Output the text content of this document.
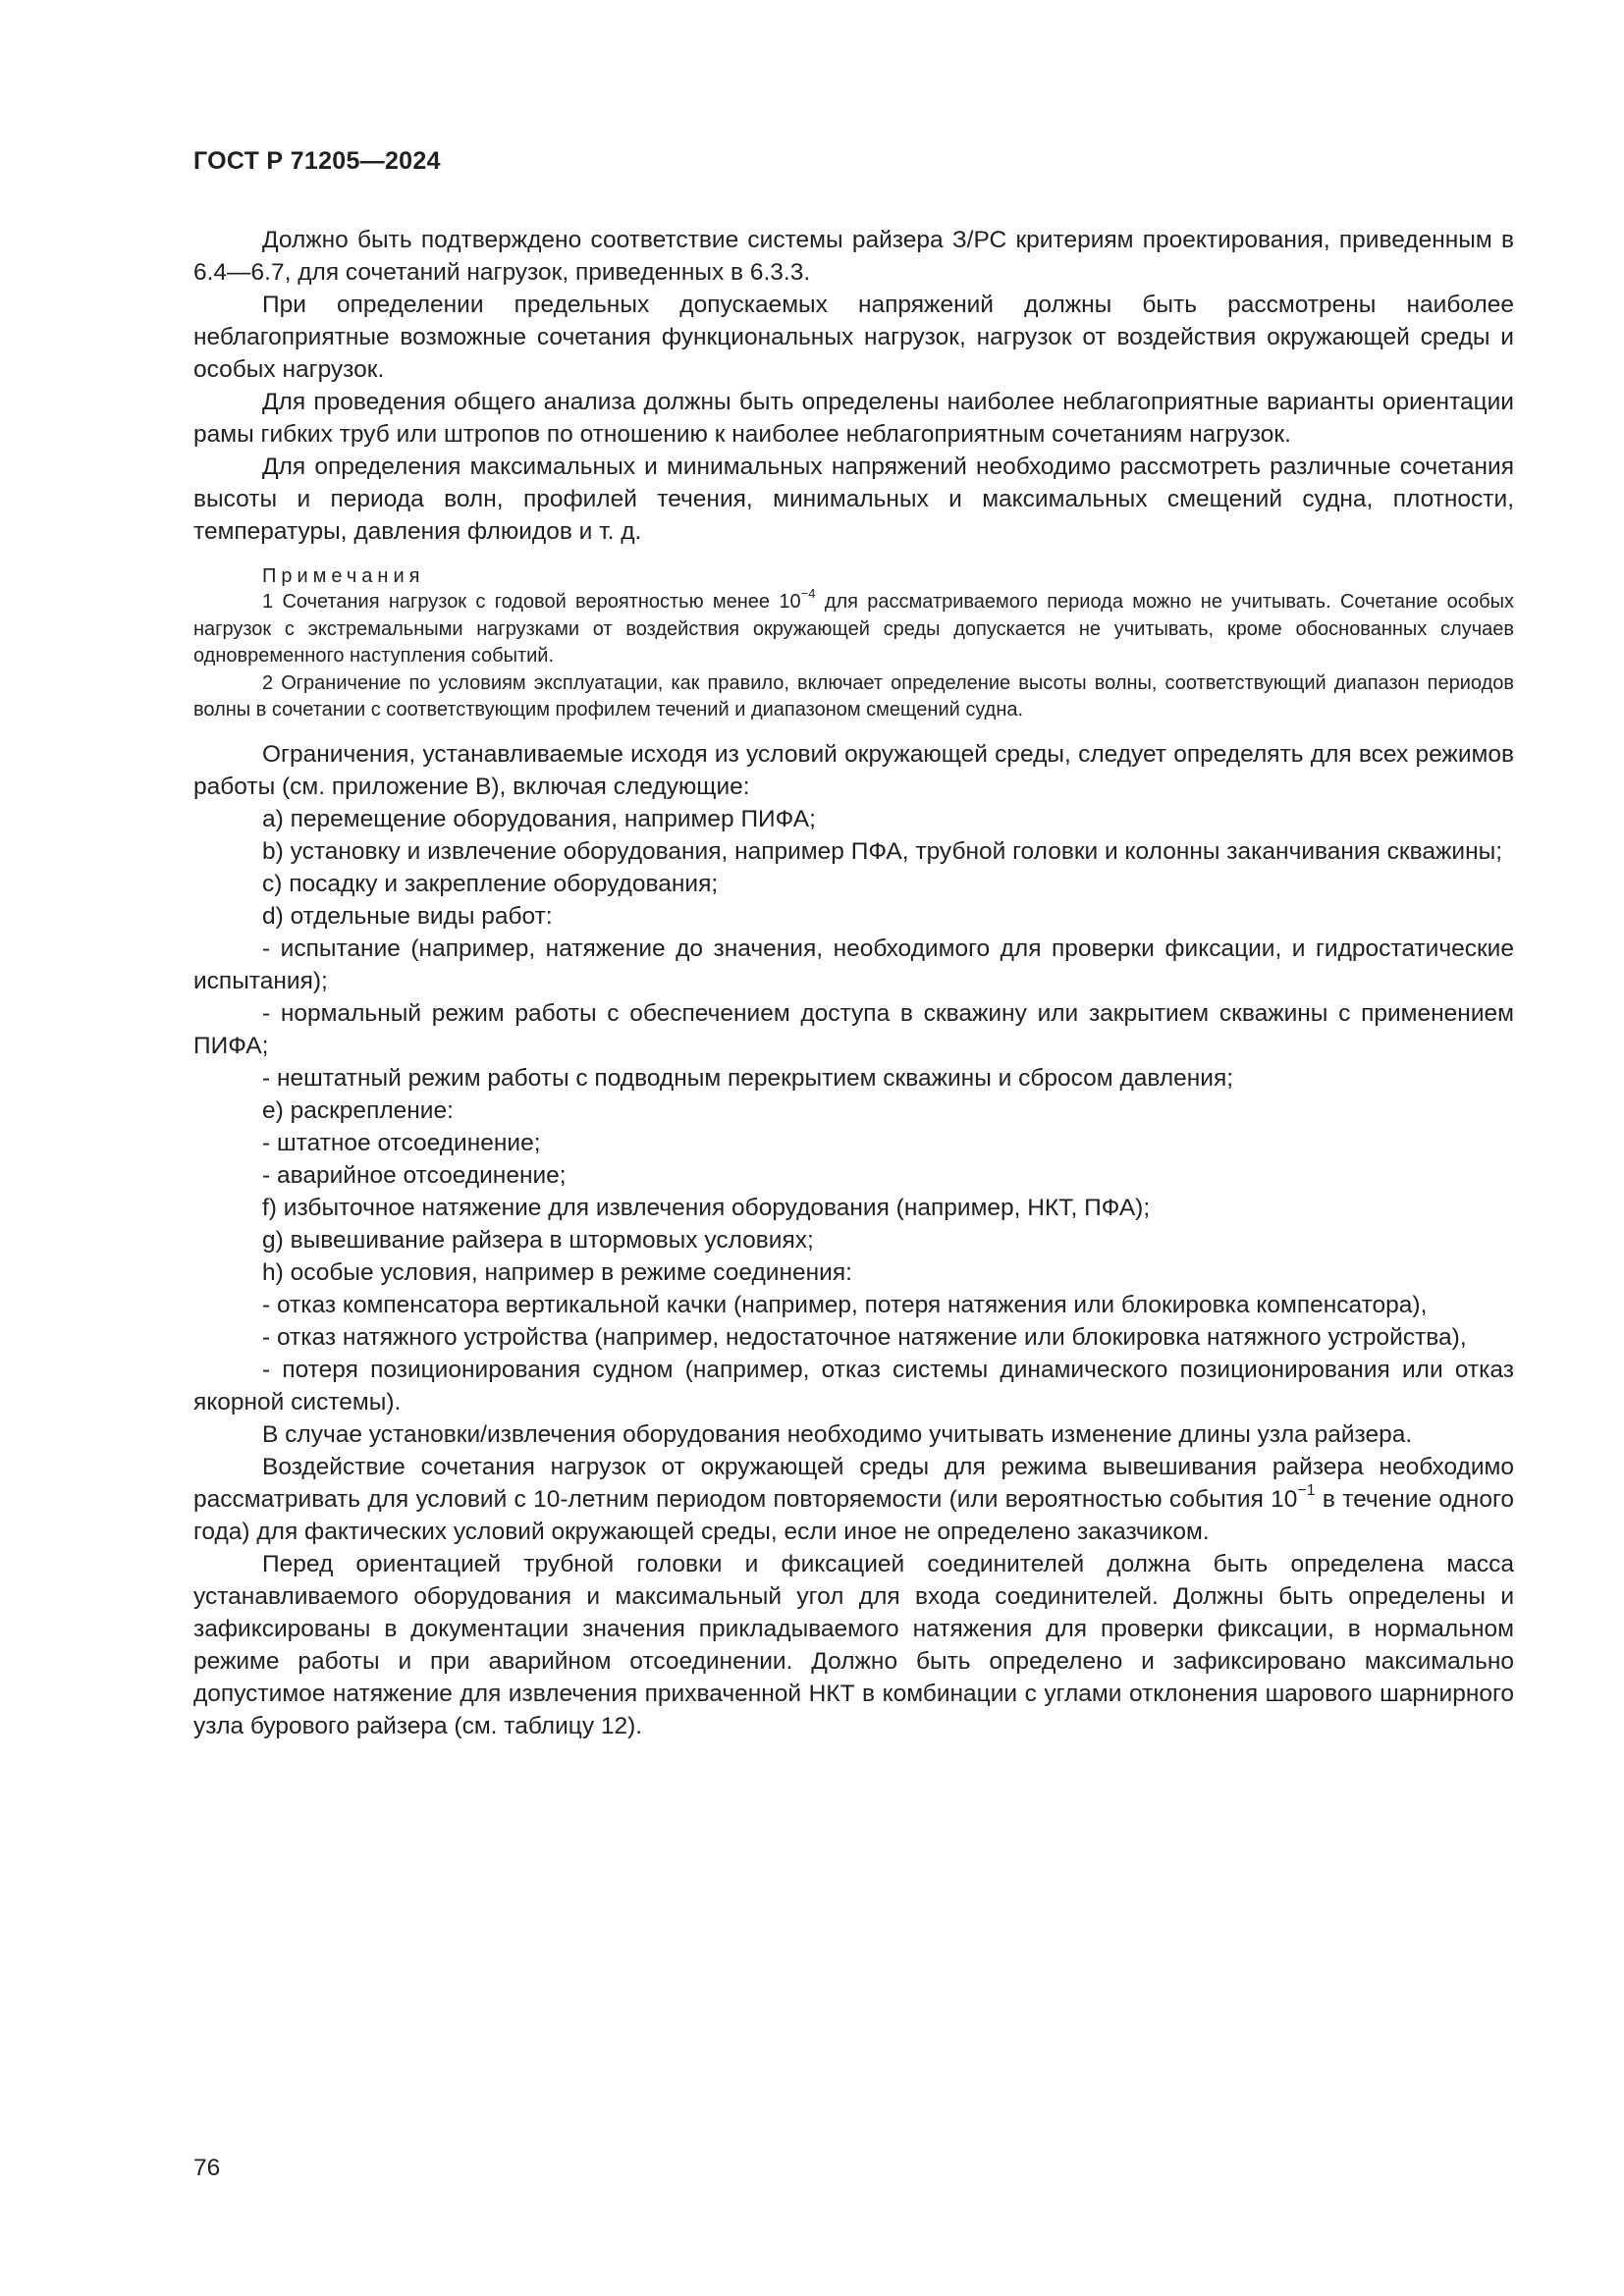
ГОСТ Р 71205—2024

Должно быть подтверждено соответствие системы райзера З/РС критериям проектирования, приведенным в 6.4—6.7, для сочетаний нагрузок, приведенных в 6.3.3.

При определении предельных допускаемых напряжений должны быть рассмотрены наиболее неблагоприятные возможные сочетания функциональных нагрузок, нагрузок от воздействия окружающей среды и особых нагрузок.

Для проведения общего анализа должны быть определены наиболее неблагоприятные варианты ориентации рамы гибких труб или штропов по отношению к наиболее неблагоприятным сочетаниям нагрузок.

Для определения максимальных и минимальных напряжений необходимо рассмотреть различные сочетания высоты и периода волн, профилей течения, минимальных и максимальных смещений судна, плотности, температуры, давления флюидов и т. д.

Примечания

1 Сочетания нагрузок с годовой вероятностью менее $10^{-4}$ для рассматриваемого периода можно не учитывать. Сочетание особых нагрузок с экстремальными нагрузками от воздействия окружающей среды допускается не учитывать, кроме обоснованных случаев одновременного наступления событий.

2 Ограничение по условиям эксплуатации, как правило, включает определение высоты волны, соответствующий диапазон периодов волны в сочетании с соответствующим профилем течений и диапазоном смещений судна.

Ограничения, устанавливаемые исходя из условий окружающей среды, следует определять для всех режимов работы (см. приложение В), включая следующие:

а) перемещение оборудования, например ПИФА;

b) установку и извлечение оборудования, например ПФА, трубной головки и колонны заканчивания скважины;

с) посадку и закрепление оборудования;

d) отдельные виды работ:

- испытание (например, натяжение до значения, необходимого для проверки фиксации, и гидростатические испытания);

- нормальный режим работы с обеспечением доступа в скважину или закрытием скважины с применением ПИФА;

- нештатный режим работы с подводным перекрытием скважины и сбросом давления;

е) раскрепление:

- штатное отсоединение;

- аварийное отсоединение;

f) избыточное натяжение для извлечения оборудования (например, НКТ, ПФА);

g) вывешивание райзера в штормовых условиях;

h) особые условия, например в режиме соединения:

- отказ компенсатора вертикальной качки (например, потеря натяжения или блокировка компенсатора),

- отказ натяжного устройства (например, недостаточное натяжение или блокировка натяжного устройства),

- потеря позиционирования судном (например, отказ системы динамического позиционирования или отказ якорной системы).

В случае установки/извлечения оборудования необходимо учитывать изменение длины узла райзера.

Воздействие сочетания нагрузок от окружающей среды для режима вывешивания райзера необходимо рассматривать для условий с 10-летним периодом повторяемости (или вероятностью события $10^{-1}$ в течение одного года) для фактических условий окружающей среды, если иное не определено заказчиком.

Перед ориентацией трубной головки и фиксацией соединителей должна быть определена масса устанавливаемого оборудования и максимальный угол для входа соединителей. Должны быть определены и зафиксированы в документации значения прикладываемого натяжения для проверки фиксации, в нормальном режиме работы и при аварийном отсоединении. Должно быть определено и зафиксировано максимально допустимое натяжение для извлечения прихваченной НКТ в комбинации с углами отклонения шарового шарнирного узла бурового райзера (см. таблицу 12).

76
